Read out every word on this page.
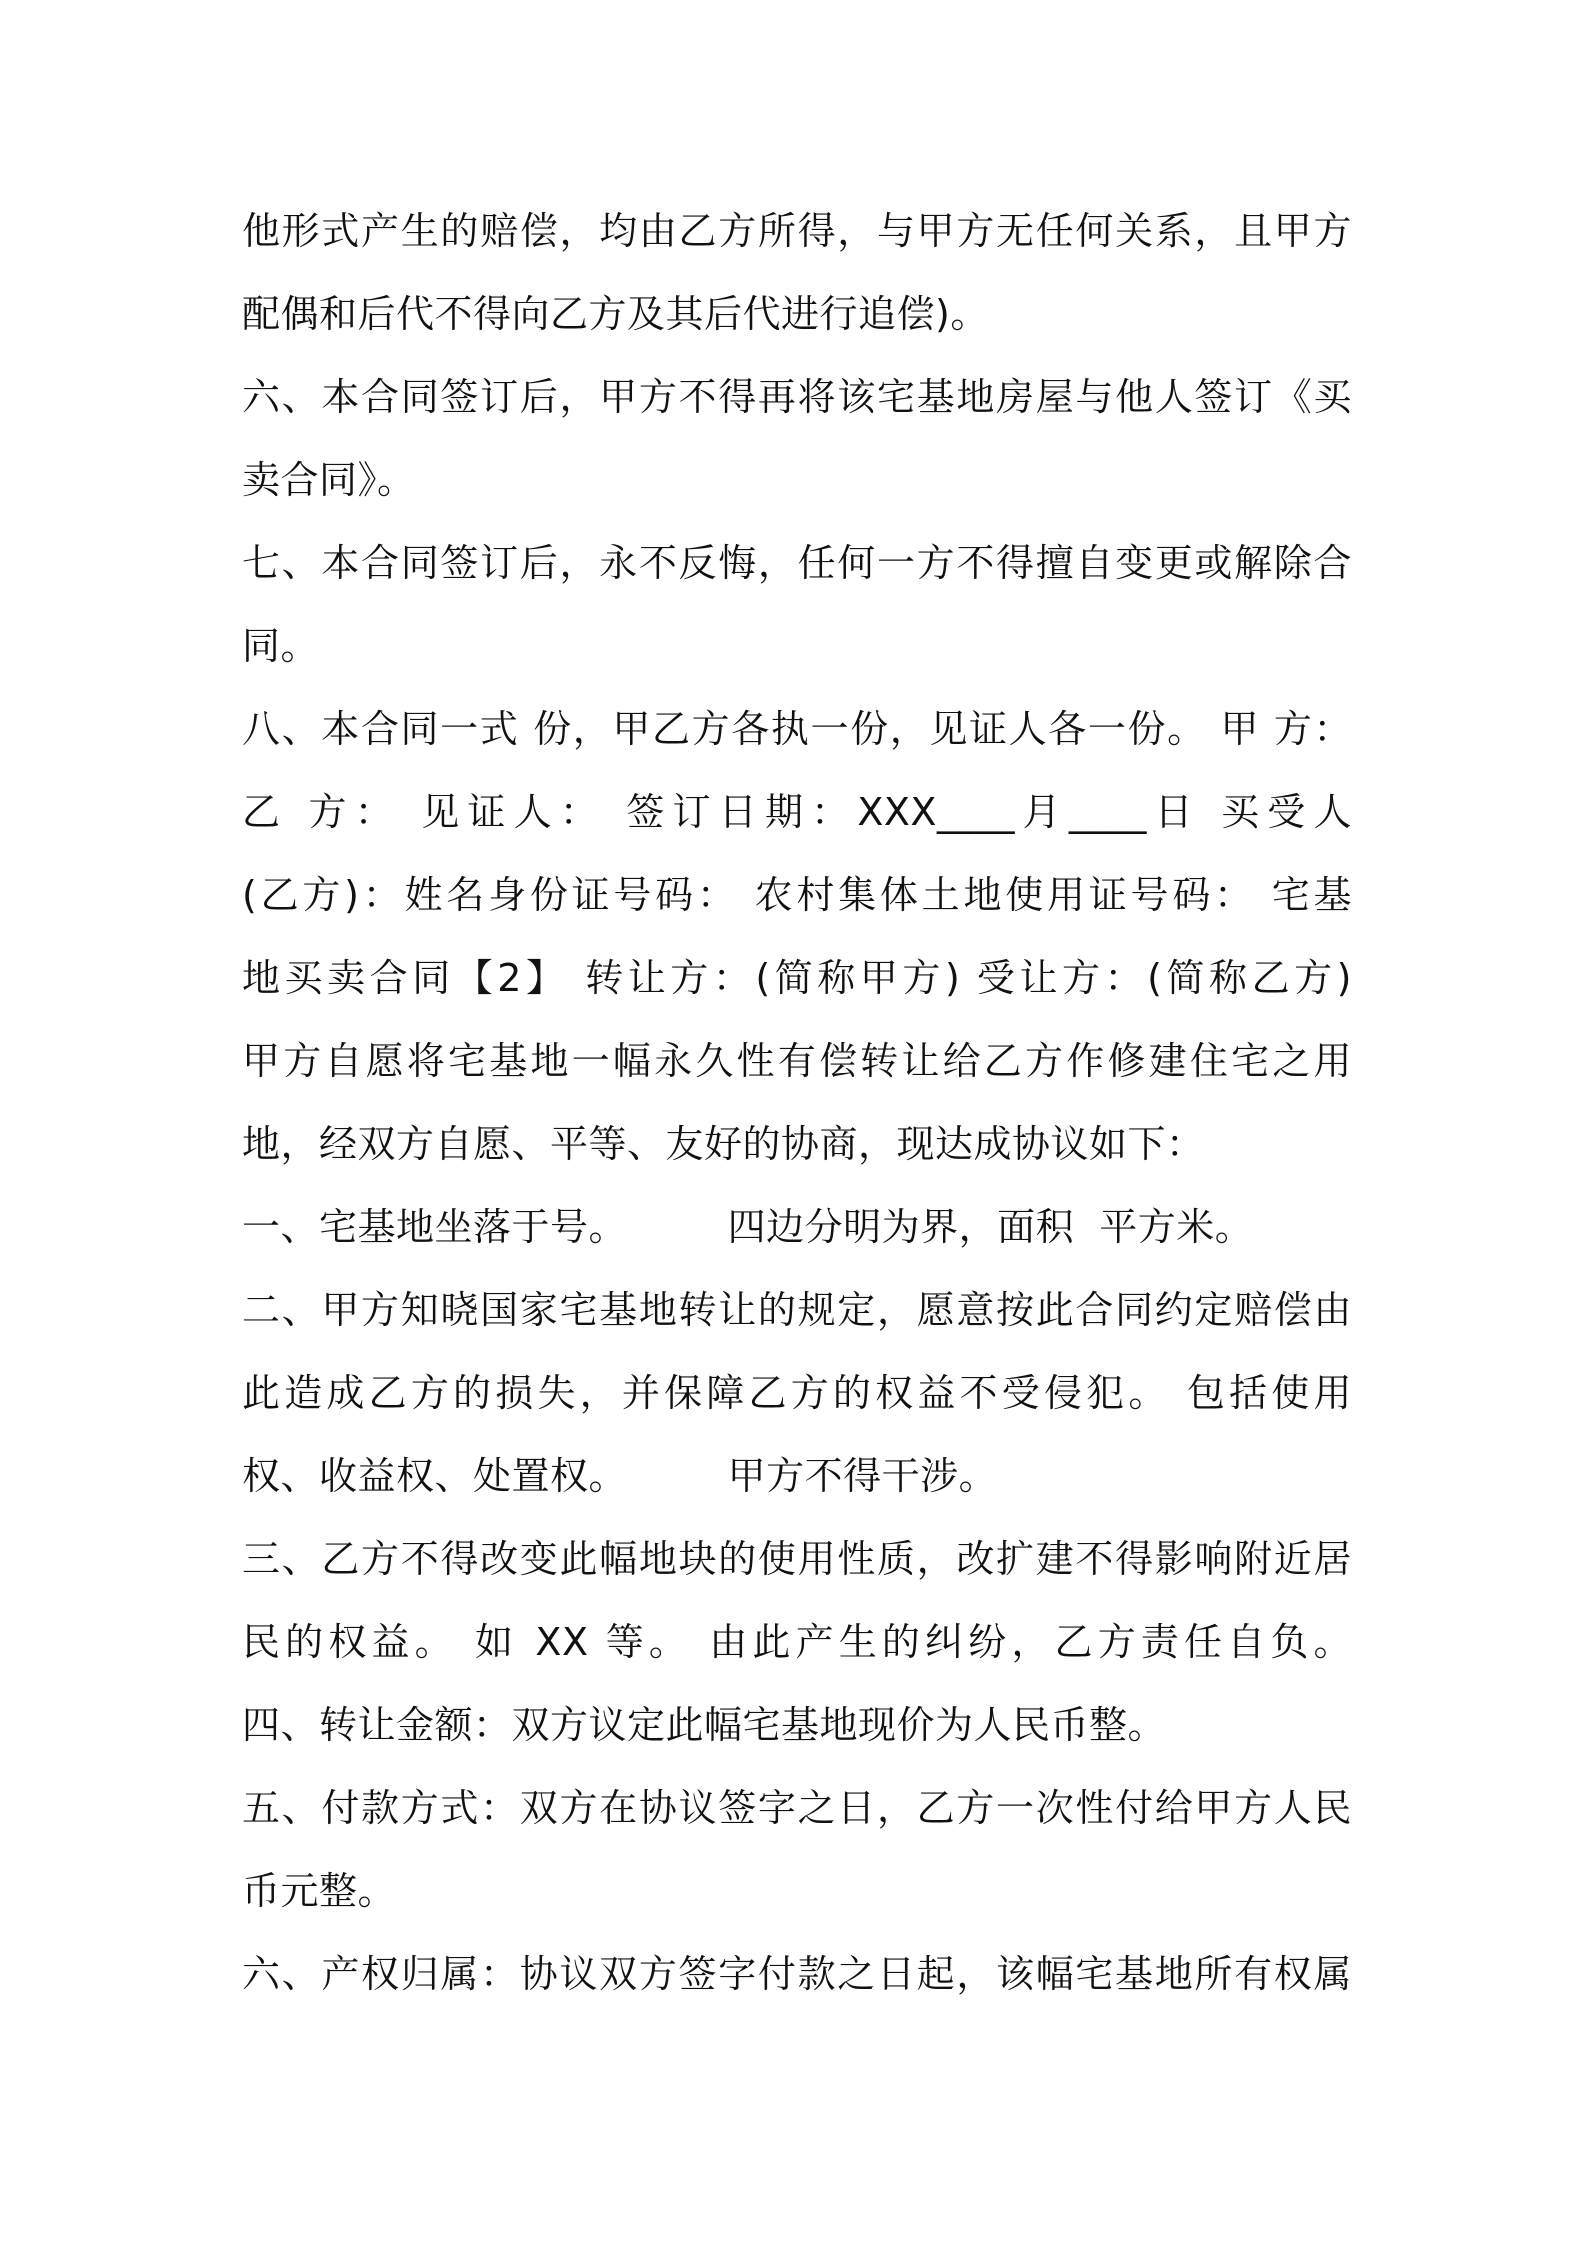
他形式产生的赔偿，均由乙方所得，与甲方无任何关系，且甲方
配偶和后代不得向乙方及其后代进行追偿)。
六、本合同签订后，甲方不得再将该宅基地房屋与他人签订《买
卖合同》。
七、本合同签订后，永不反悔，任何一方不得擅自变更或解除合
同。
八、本合同一式 份，甲乙方各执一份，见证人各一份。 甲 方：
乙 方： 见证人： 签订日期：XXX____月____日 买受人
(乙方)：姓名身份证号码： 农村集体土地使用证号码： 宅基
地买卖合同【2】 转让方：(简称甲方) 受让方：(简称乙方)
甲方自愿将宅基地一幅永久性有偿转让给乙方作修建住宅之用
地，经双方自愿、平等、友好的协商，现达成协议如下：
一、宅基地坐落于号。        四边分明为界，面积  平方米。
二、甲方知晓国家宅基地转让的规定，愿意按此合同约定赔偿由
此造成乙方的损失，并保障乙方的权益不受侵犯。 包括使用
权、收益权、处置权。        甲方不得干涉。
三、乙方不得改变此幅地块的使用性质，改扩建不得影响附近居
民的权益。 如 XX 等。 由此产生的纠纷，乙方责任自负。
四、转让金额：双方议定此幅宅基地现价为人民币整。
五、付款方式：双方在协议签字之日，乙方一次性付给甲方人民
币元整。
六、产权归属：协议双方签字付款之日起，该幅宅基地所有权属
